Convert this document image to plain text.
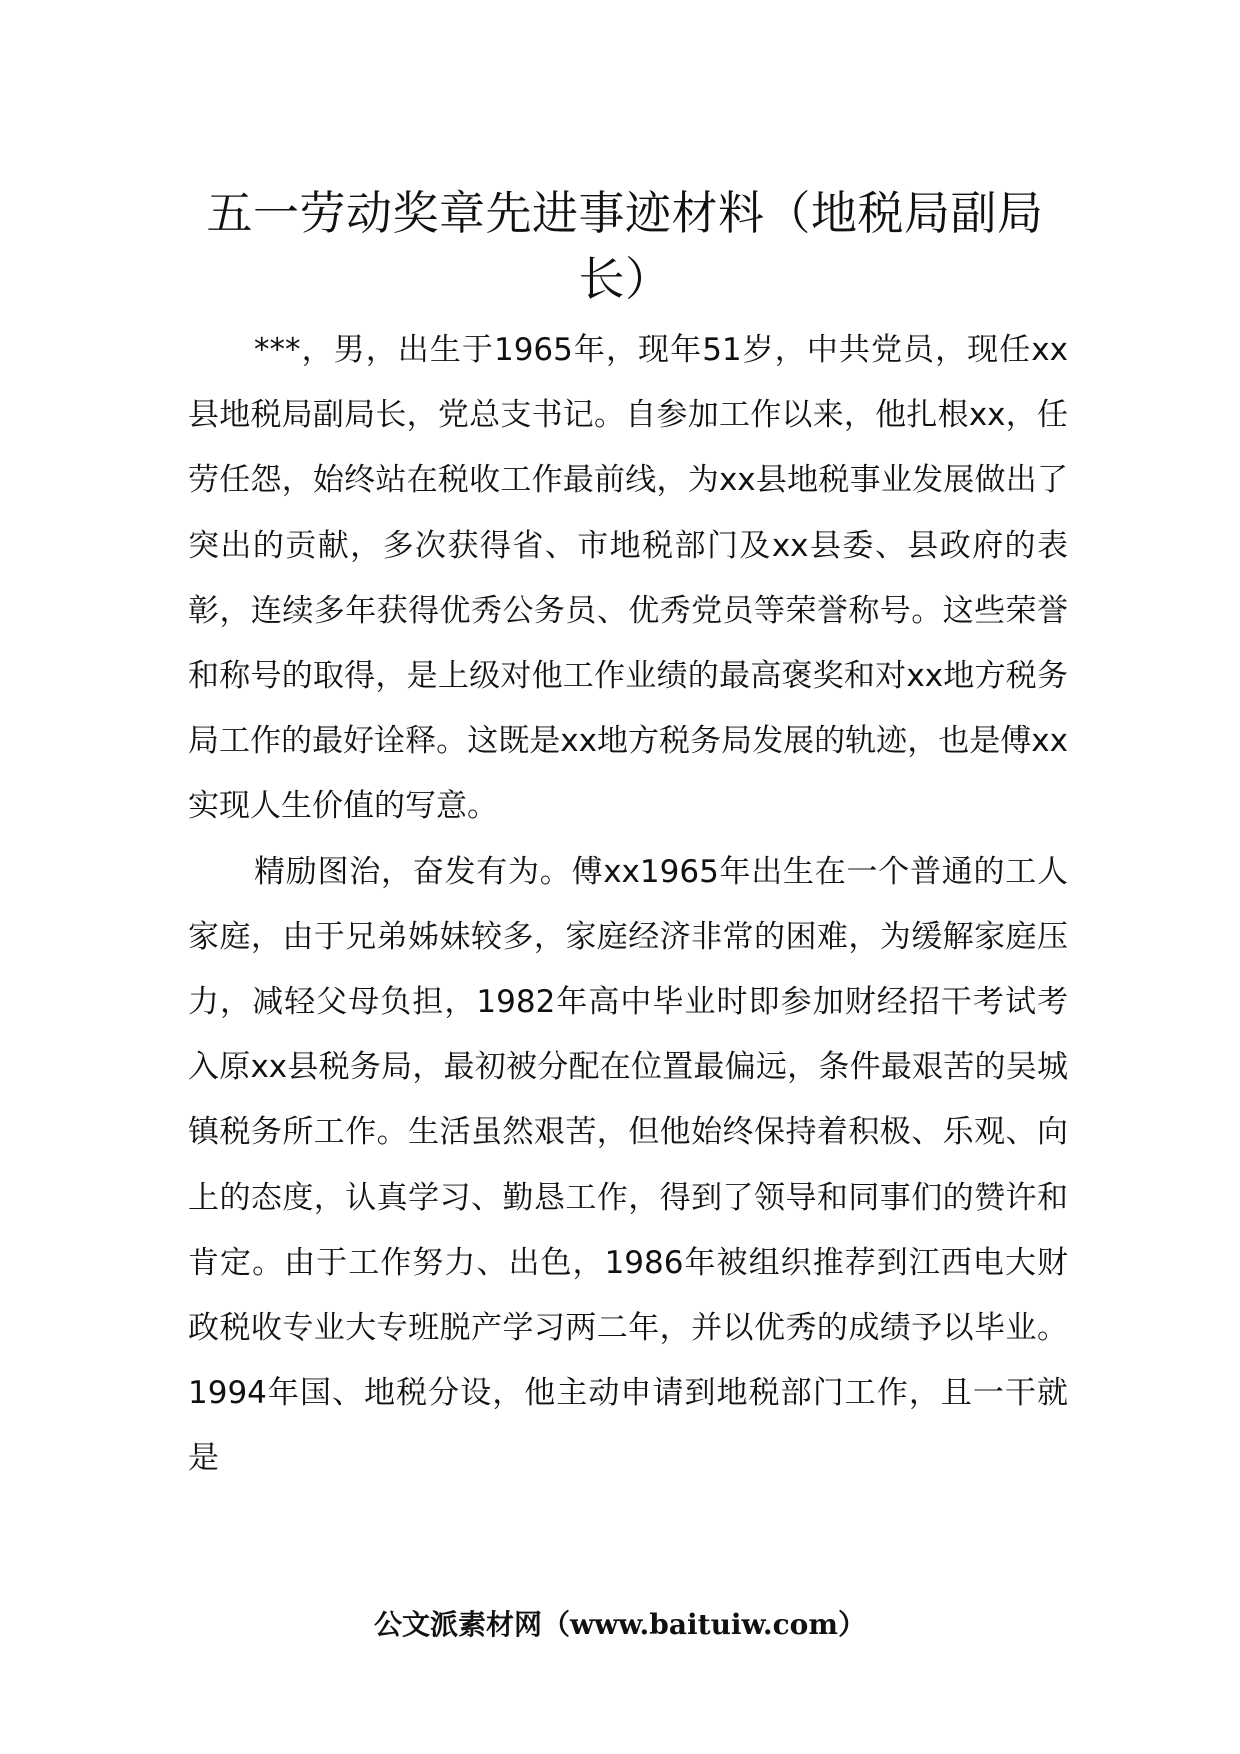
五一劳动奖章先进事迹材料（地税局副局长）

***，男，出生于1965年，现年51岁，中共党员，现任xx县地税局副局长，党总支书记。自参加工作以来，他扎根xx，任劳任怨，始终站在税收工作最前线，为xx县地税事业发展做出了突出的贡献，多次获得省、市地税部门及xx县委、县政府的表彰，连续多年获得优秀公务员、优秀党员等荣誉称号。这些荣誉和称号的取得，是上级对他工作业绩的最高褒奖和对xx地方税务局工作的最好诠释。这既是xx地方税务局发展的轨迹，也是傅xx实现人生价值的写意。

精励图治，奋发有为。傅xx1965年出生在一个普通的工人家庭，由于兄弟姊妹较多，家庭经济非常的困难，为缓解家庭压力，减轻父母负担，1982年高中毕业时即参加财经招干考试考入原xx县税务局，最初被分配在位置最偏远，条件最艰苦的吴城镇税务所工作。生活虽然艰苦，但他始终保持着积极、乐观、向上的态度，认真学习、勤恳工作，得到了领导和同事们的赞许和肯定。由于工作努力、出色，1986年被组织推荐到江西电大财政税收专业大专班脱产学习两二年，并以优秀的成绩予以毕业。1994年国、地税分设，他主动申请到地税部门工作，且一干就是

公文派素材网（www.baituiw.com）
